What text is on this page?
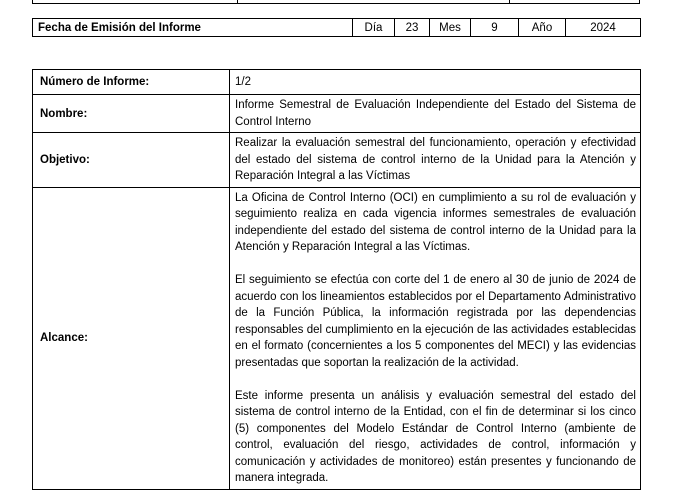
Fecha de Emisión del Informe	Día	23	Mes	9	Año	2024
Número de Informe:	1/2
Nombre:	Informe Semestral de Evaluación Independiente del Estado del Sistema de Control Interno
Objetivo:	Realizar la evaluación semestral del funcionamiento, operación y efectividad del estado del sistema de control interno de la Unidad para la Atención y Reparación Integral a las Víctimas
Alcance:	La Oficina de Control Interno (OCI) en cumplimiento a su rol de evaluación y seguimiento realiza en cada vigencia informes semestrales de evaluación independiente del estado del sistema de control interno de la Unidad para la Atención y Reparación Integral a las Víctimas.

El seguimiento se efectúa con corte del 1 de enero al 30 de junio de 2024 de acuerdo con los lineamientos establecidos por el Departamento Administrativo de la Función Pública, la información registrada por las dependencias responsables del cumplimiento en la ejecución de las actividades establecidas en el formato (concernientes a los 5 componentes del MECI) y las evidencias presentadas que soportan la realización de la actividad.

Este informe presenta un análisis y evaluación semestral del estado del sistema de control interno de la Entidad, con el fin de determinar si los cinco (5) componentes del Modelo Estándar de Control Interno (ambiente de control, evaluación del riesgo, actividades de control, información y comunicación y actividades de monitoreo) están presentes y funcionando de manera integrada.
